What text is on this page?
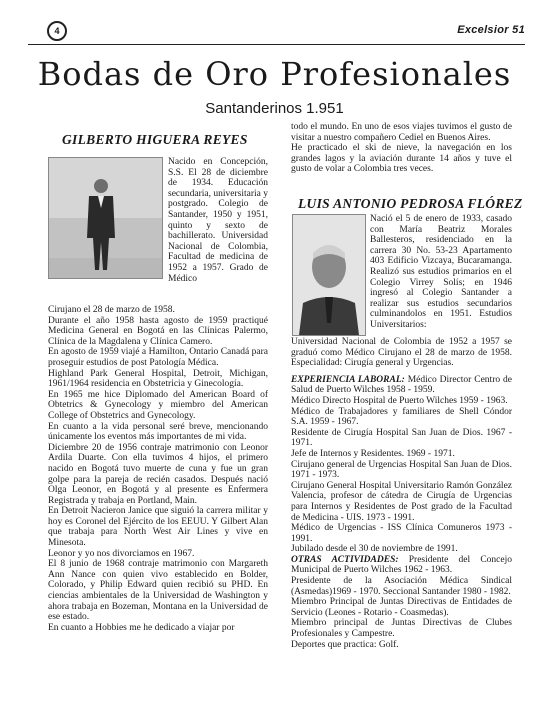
4	Excelsior 51
Bodas de Oro Profesionales
Santanderinos 1.951
GILBERTO HIGUERA REYES

Nacido en Concepción, S.S. El 28 de diciembre de 1934. Educación secundaria, universitaria y postgrado. Colegio de Santander, 1950 y 1951, quinto y sexto de bachillerato. Universidad Nacional de Colombia, Facultad de medicina de 1952 a 1957. Grado de Médico

Cirujano el 28 de marzo de 1958.

Durante el año 1958 hasta agosto de 1959 practiqué Medicina General en Bogotá en las Clínicas Palermo, Clínica de la Magdalena y Clínica Camero.

En agosto de 1959 viajé a Hamilton, Ontario Canadá para proseguir estudios de post Patología Médica.

Highland Park General Hospital, Detroit, Michigan, 1961/1964 residencia en Obstetricia y Ginecología.

En 1965 me hice Diplomado del American Board of Obtetrics & Gynecology y miembro del American College of Obstetrics and Gynecology.

En cuanto a la vida personal seré breve, mencionando únicamente los eventos más importantes de mi vida.

Diciembre 20 de 1956 contraje matrimonio con Leonor Ardila Duarte. Con ella tuvimos 4 hijos, el primero nacido en Bogotá tuvo muerte de cuna y fue un gran golpe para la pareja de recién casados. Después nació Olga Leonor, en Bogotá y al presente es Enfermera Registrada y trabaja en Portland, Main.

En Detroit Nacieron Janice que siguió la carrera militar y hoy es Coronel del Ejército de los EEUU. Y Gilbert Alan que trabaja para North West Air Lines y vive en Minesota.

Leonor y yo nos divorciamos en 1967.

El 8 junio de 1968 contraje matrimonio con Margareth Ann Nance con quien vivo establecido en Bolder, Colorado, y Philip Edward quien recibió su PHD. En ciencias ambientales de la Universidad de Washington y ahora trabaja en Bozeman, Montana en la Universidad de ese estado.

En cuanto a Hobbies me he dedicado a viajar por

todo el mundo. En uno de esos viajes tuvimos el gusto de visitar a nuestro compañero Cediel en Buenos Aires.

He practicado el ski de nieve, la navegación en los grandes lagos y la aviación durante 14 años y tuve el gusto de volar a Colombia tres veces.

LUIS ANTONIO PEDROSA FLÓREZ

Nació el 5 de enero de 1933, casado con María Beatriz Morales Ballesteros, residenciado en la carrera 30 No. 53-23 Apartamento 403 Edificio Vizcaya, Bucaramanga. Realizó sus estudios primarios en el Colegio Virrey Solís; en 1946 ingresó al Colegio Santander a realizar sus estudios secundarios culminandolos en 1951. Estudios Universitarios:

Universidad Nacional de Colombia de 1952 a 1957 se graduó como Médico Cirujano el 28 de marzo de 1958. Especialidad: Cirugía general y Urgencias.

EXPERIENCIA LABORAL: Médico Director Centro de Salud de Puerto Wilches 1958 - 1959.

Médico Directo Hospital de Puerto Wilches 1959 - 1963.

Médico de Trabajadores y familiares de Shell Cóndor S.A. 1959 - 1967.

Residente de Cirugía Hospital San Juan de Dios. 1967 - 1971.

Jefe de Internos y Residentes. 1969 - 1971.

Cirujano general de Urgencias Hospital San Juan de Dios. 1971 - 1973.

Cirujano General Hospital Universitario Ramón González Valencia, profesor de cátedra de Cirugía de Urgencias para Internos y Residentes de Post grado de la Facultad de Medicina - UIS. 1973 - 1991.

Médico de Urgencias - ISS Clínica Comuneros 1973 - 1991.

Jubilado desde el 30 de noviembre de 1991.

OTRAS ACTIVIDADES: Presidente del Concejo Municipal de Puerto Wilches 1962 - 1963.

Presidente de la Asociación Médica Sindical (Asmedas)1969 - 1970. Seccional Santander 1980 - 1982.

Miembro Principal de Juntas Directivas de Entidades de Servicio (Leones - Rotario - Coasmedas).

Miembro principal de Juntas Directivas de Clubes Profesionales y Campestre.

Deportes que practica: Golf.
